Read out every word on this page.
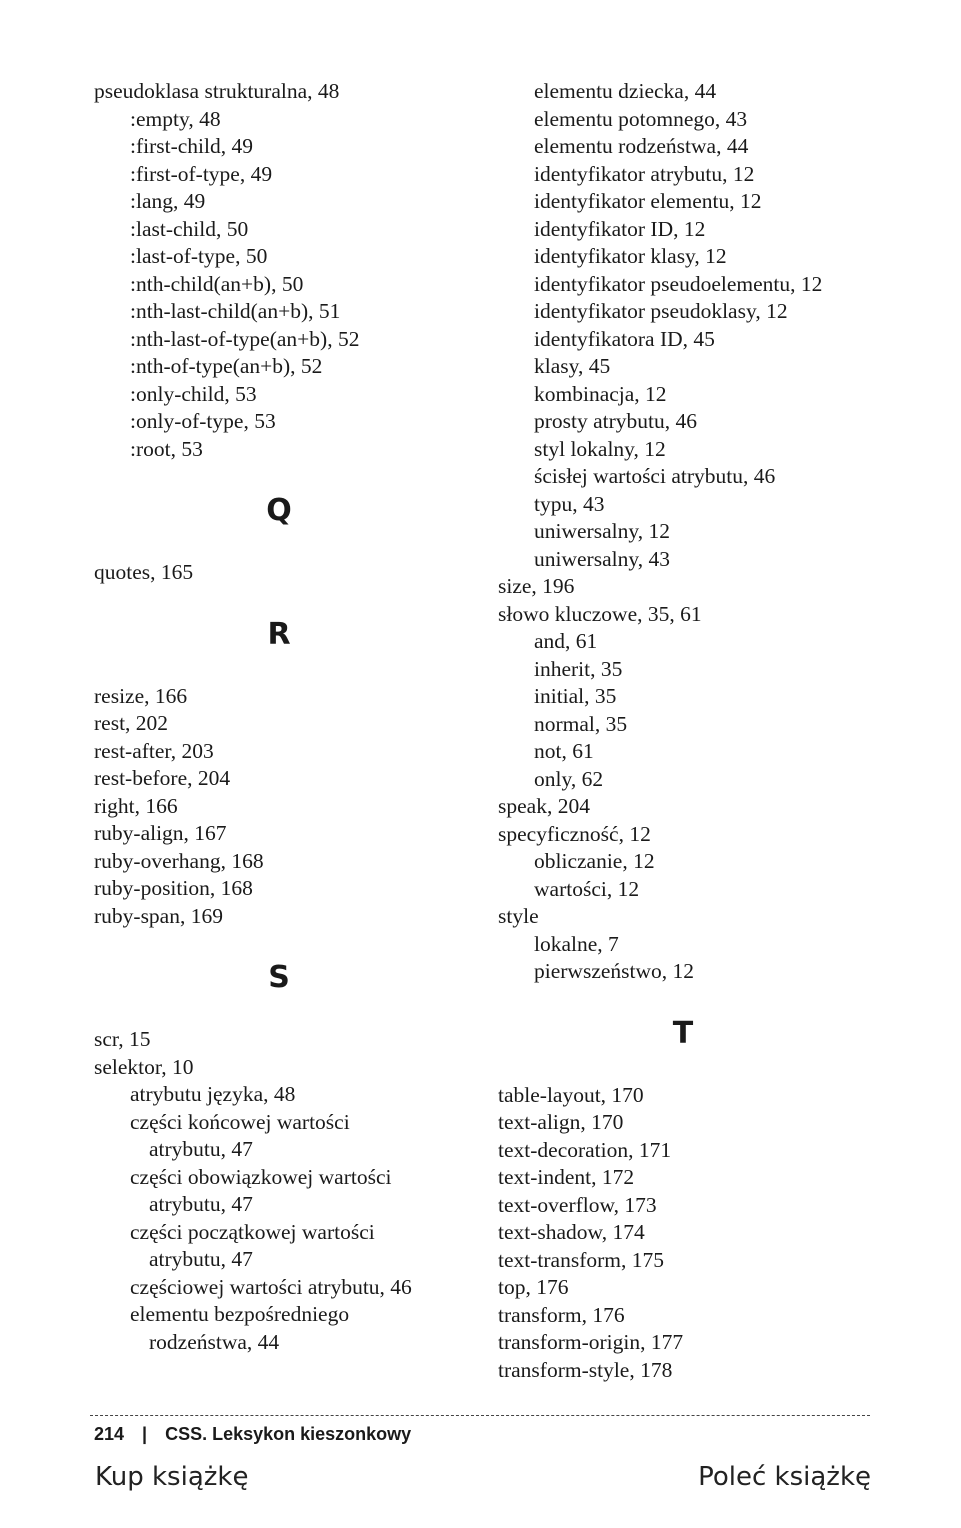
pseudoklasa strukturalna, 48
:empty, 48
:first-child, 49
:first-of-type, 49
:lang, 49
:last-child, 50
:last-of-type, 50
:nth-child(an+b), 50
:nth-last-child(an+b), 51
:nth-last-of-type(an+b), 52
:nth-of-type(an+b), 52
:only-child, 53
:only-of-type, 53
:root, 53
Q
quotes, 165
R
resize, 166
rest, 202
rest-after, 203
rest-before, 204
right, 166
ruby-align, 167
ruby-overhang, 168
ruby-position, 168
ruby-span, 169
S
scr, 15
selektor, 10
atrybutu języka, 48
części końcowej wartości
atrybutu, 47
części obowiązkowej wartości
atrybutu, 47
części początkowej wartości
atrybutu, 47
częściowej wartości atrybutu, 46
elementu bezpośredniego
rodzeństwa, 44
elementu dziecka, 44
elementu potomnego, 43
elementu rodzeństwa, 44
identyfikator atrybutu, 12
identyfikator elementu, 12
identyfikator ID, 12
identyfikator klasy, 12
identyfikator pseudoelementu, 12
identyfikator pseudoklasy, 12
identyfikatora ID, 45
klasy, 45
kombinacja, 12
prosty atrybutu, 46
styl lokalny, 12
ścisłej wartości atrybutu, 46
typu, 43
uniwersalny, 12
uniwersalny, 43
size, 196
słowo kluczowe, 35, 61
and, 61
inherit, 35
initial, 35
normal, 35
not, 61
only, 62
speak, 204
specyficzność, 12
obliczanie, 12
wartości, 12
style
lokalne, 7
pierwszeństwo, 12
T
table-layout, 170
text-align, 170
text-decoration, 171
text-indent, 172
text-overflow, 173
text-shadow, 174
text-transform, 175
top, 176
transform, 176
transform-origin, 177
transform-style, 178
214 | CSS. Leksykon kieszonkowy
Kup książkę	Poleć książkę
